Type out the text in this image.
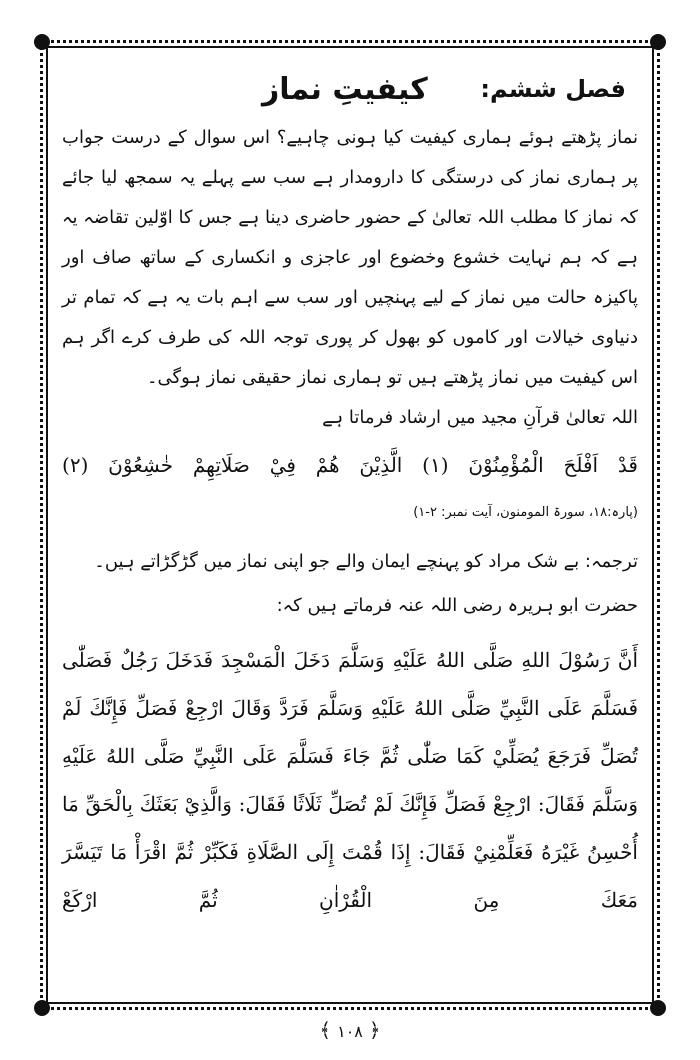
فصل ششم:
کیفیتِ نماز

نماز پڑھتے ہوئے ہماری کیفیت کیا ہونی چاہیے؟ اس سوال کے درست جواب پر ہماری نماز کی درستگی کا دارومدار ہے سب سے پہلے یہ سمجھ لیا جائے کہ نماز کا مطلب اللہ تعالیٰ کے حضور حاضری دینا ہے جس کا اوّلین تقاضہ یہ ہے کہ ہم نہایت خشوع وخضوع اور عاجزی و انکساری کے ساتھ صاف اور پاکیزہ حالت میں نماز کے لیے پہنچیں اور سب سے اہم بات یہ ہے کہ تمام تر دنیاوی خیالات اور کاموں کو بھول کر پوری توجہ اللہ کی طرف کرے اگر ہم اس کیفیت میں نماز پڑھتے ہیں تو ہماری نماز حقیقی نماز ہوگی۔

اللہ تعالیٰ قرآنِ مجید میں ارشاد فرماتا ہے

قَدْ اَفْلَحَ الْمُؤْمِنُوْنَ (١) الَّذِيْنَ هُمْ فِيْ صَلَاتِهِمْ خٰشِعُوْنَ (٢)

(پارہ:۱۸، سورۃ المومنون، آیت نمبر: ۲-۱)

ترجمہ: بے شک مراد کو پہنچے ایمان والے جو اپنی نماز میں گڑگڑاتے ہیں۔

حضرت ابو ہریرہ رضی اللہ عنہ فرماتے ہیں کہ:

أَنَّ رَسُوْلَ اللهِ صَلَّى اللهُ عَلَيْهِ وَسَلَّمَ دَخَلَ الْمَسْجِدَ فَدَخَلَ رَجُلٌ فَصَلّٰى فَسَلَّمَ عَلَى النَّبِيِّ صَلَّى اللهُ عَلَيْهِ وَسَلَّمَ فَرَدَّ وَقَالَ ارْجِعْ فَصَلِّ فَإِنَّكَ لَمْ تُصَلِّ فَرَجَعَ يُصَلِّيْ كَمَا صَلّٰى ثُمَّ جَاءَ فَسَلَّمَ عَلَى النَّبِيِّ صَلَّى اللهُ عَلَيْهِ وَسَلَّمَ فَقَالَ: ارْجِعْ فَصَلِّ فَإِنَّكَ لَمْ تُصَلِّ ثَلَاثًا فَقَالَ: وَالَّذِيْ بَعَثَكَ بِالْحَقِّ مَا أُحْسِنُ غَيْرَهُ فَعَلِّمْنِيْ فَقَالَ: إِذَا قُمْتَ إِلَى الصَّلَاةِ فَكَبِّرْ ثُمَّ اقْرَأْ مَا تَيَسَّرَ مَعَكَ مِنَ الْقُرْاٰنِ ثُمَّ ارْكَعْ

﴿۱۰۸﴾
